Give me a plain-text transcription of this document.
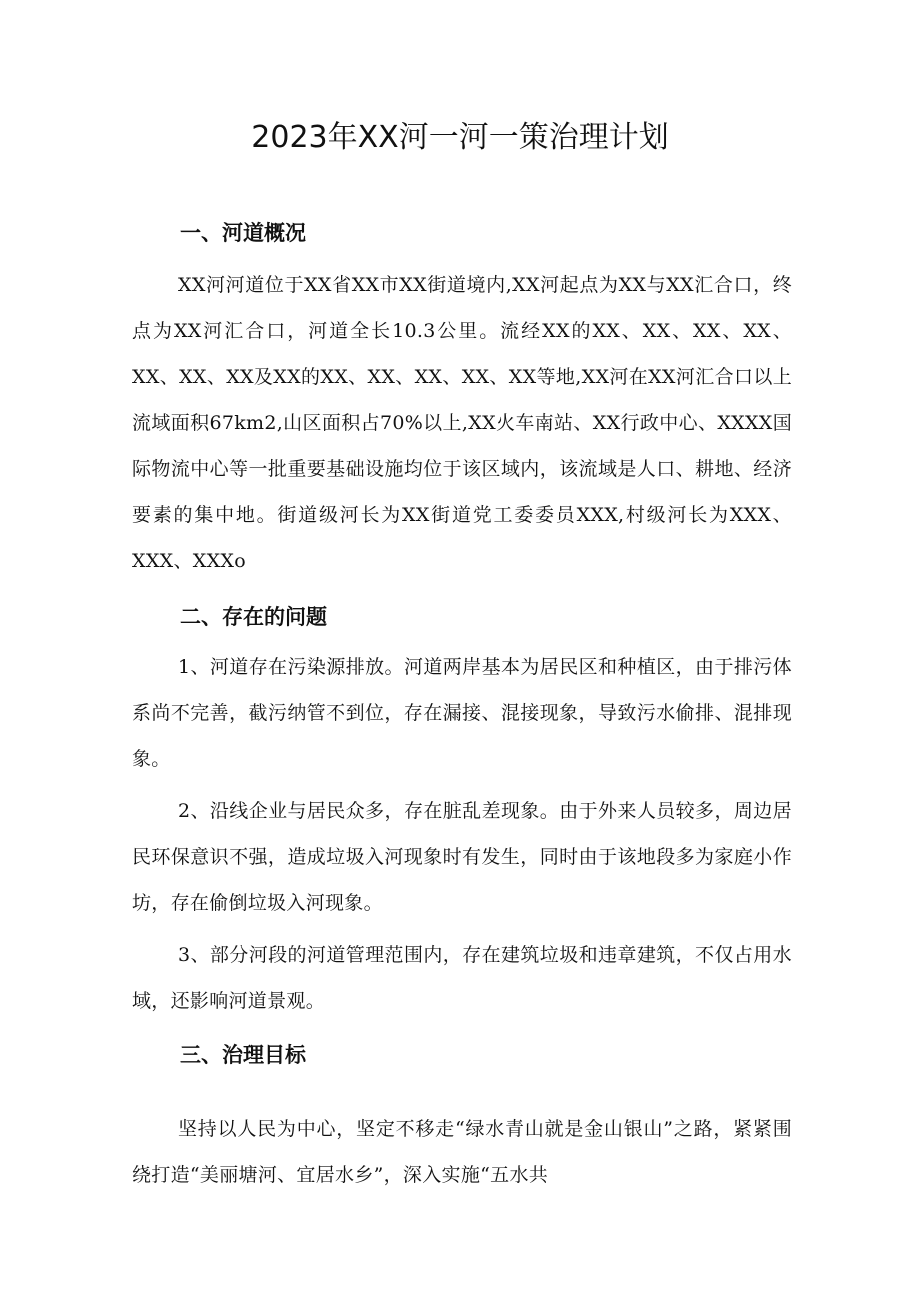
2023年XX河一河一策治理计划
一、河道概况

XX河河道位于XX省XX市XX街道境内,XX河起点为XX与XX汇合口，终点为XX河汇合口，河道全长10.3公里。流经XX的XX、XX、XX、XX、XX、XX、XX及XX的XX、XX、XX、XX、XX等地,XX河在XX河汇合口以上流域面积67km2,山区面积占70%以上,XX火车南站、XX行政中心、XXXX国际物流中心等一批重要基础设施均位于该区域内，该流域是人口、耕地、经济要素的集中地。街道级河长为XX街道党工委委员XXX,村级河长为XXX、XXX、XXXo

二、存在的问题

1、河道存在污染源排放。河道两岸基本为居民区和种植区，由于排污体系尚不完善，截污纳管不到位，存在漏接、混接现象，导致污水偷排、混排现象。

2、沿线企业与居民众多，存在脏乱差现象。由于外来人员较多，周边居民环保意识不强，造成垃圾入河现象时有发生，同时由于该地段多为家庭小作坊，存在偷倒垃圾入河现象。

3、部分河段的河道管理范围内，存在建筑垃圾和违章建筑，不仅占用水域，还影响河道景观。

三、治理目标

坚持以人民为中心，坚定不移走“绿水青山就是金山银山”之路，紧紧围绕打造“美丽塘河、宜居水乡”，深入实施“五水共
